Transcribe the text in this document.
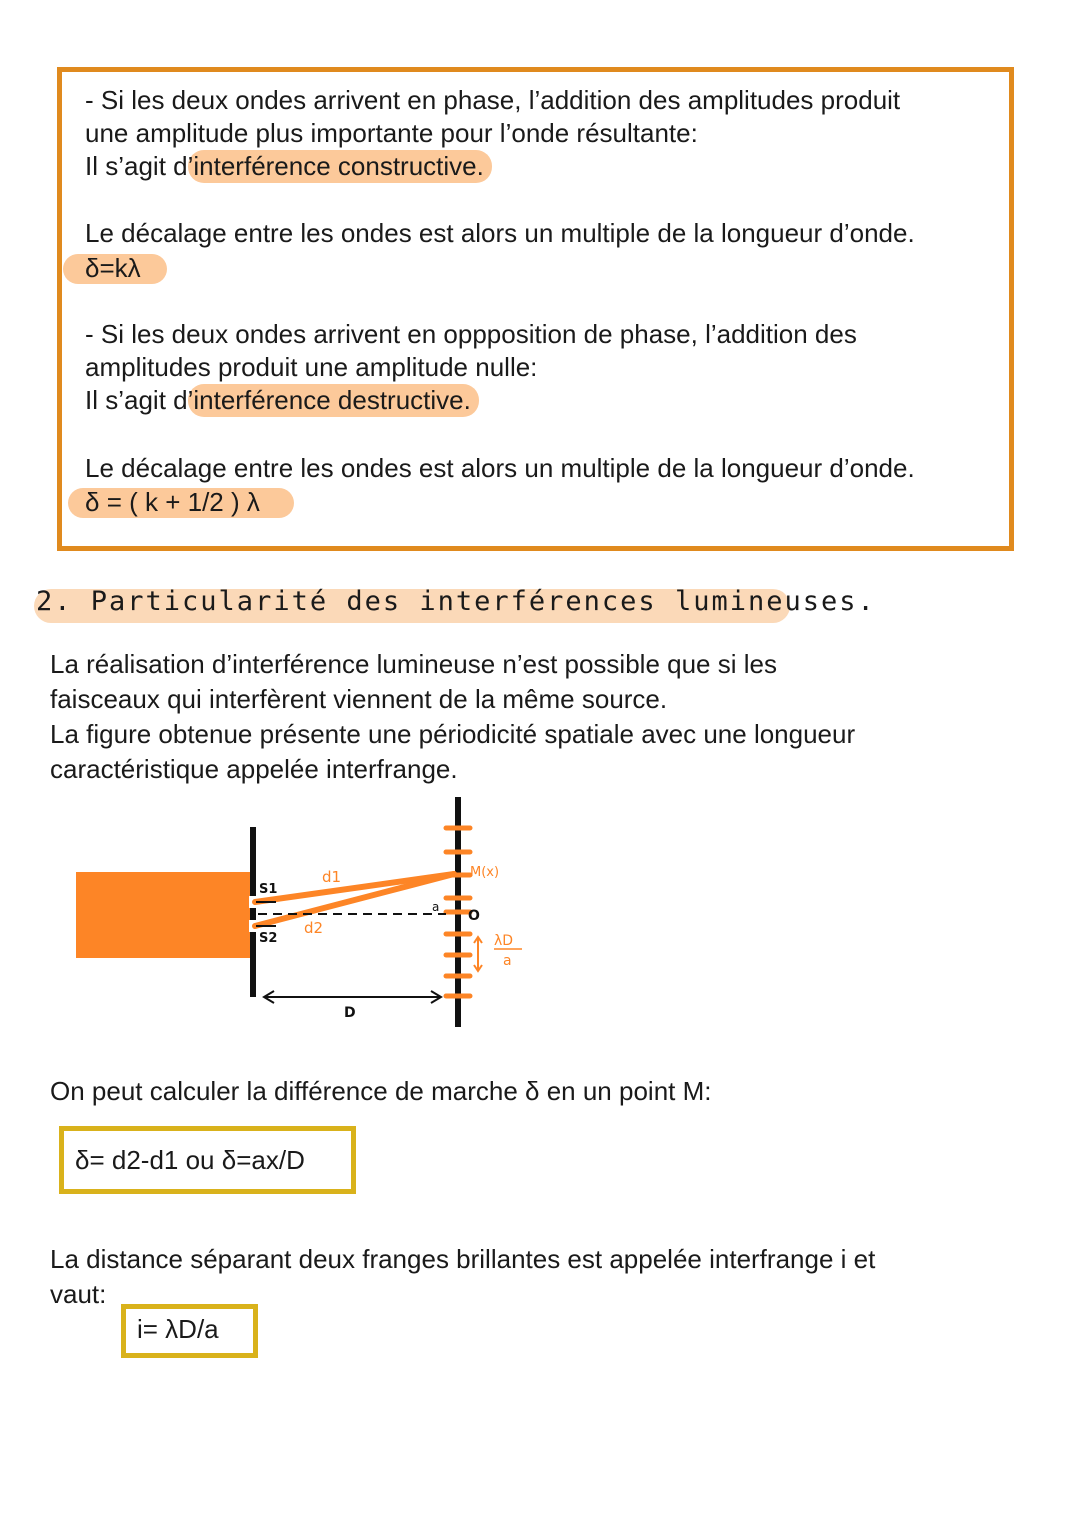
- Si les deux ondes arrivent en phase, l’addition des amplitudes produit
une amplitude plus importante pour l’onde résultante:
Il s’agit d’interférence constructive.
Le décalage entre les ondes est alors un multiple de la longueur d’onde.
δ=kλ
- Si les deux ondes arrivent en oppposition de phase, l’addition des
amplitudes produit une amplitude nulle:
Il s’agit d’interférence destructive.
Le décalage entre les ondes est alors un multiple de la longueur d’onde.
δ = ( k + 1/2 ) λ
2. Particularité des interférences lumineuses.
La réalisation d’interférence lumineuse n’est possible que si les
faisceaux qui interfèrent viennent de la même source.
La figure obtenue présente une périodicité spatiale avec une longueur
caractéristique appelée interfrange.
S1
S2
d1
d2
a
M(x)
O
λD
a
D
On peut calculer la différence de marche δ en un point M:
δ= d2-d1 ou δ=ax/D
La distance séparant deux franges brillantes est appelée interfrange i et
vaut:
i= λD/a
